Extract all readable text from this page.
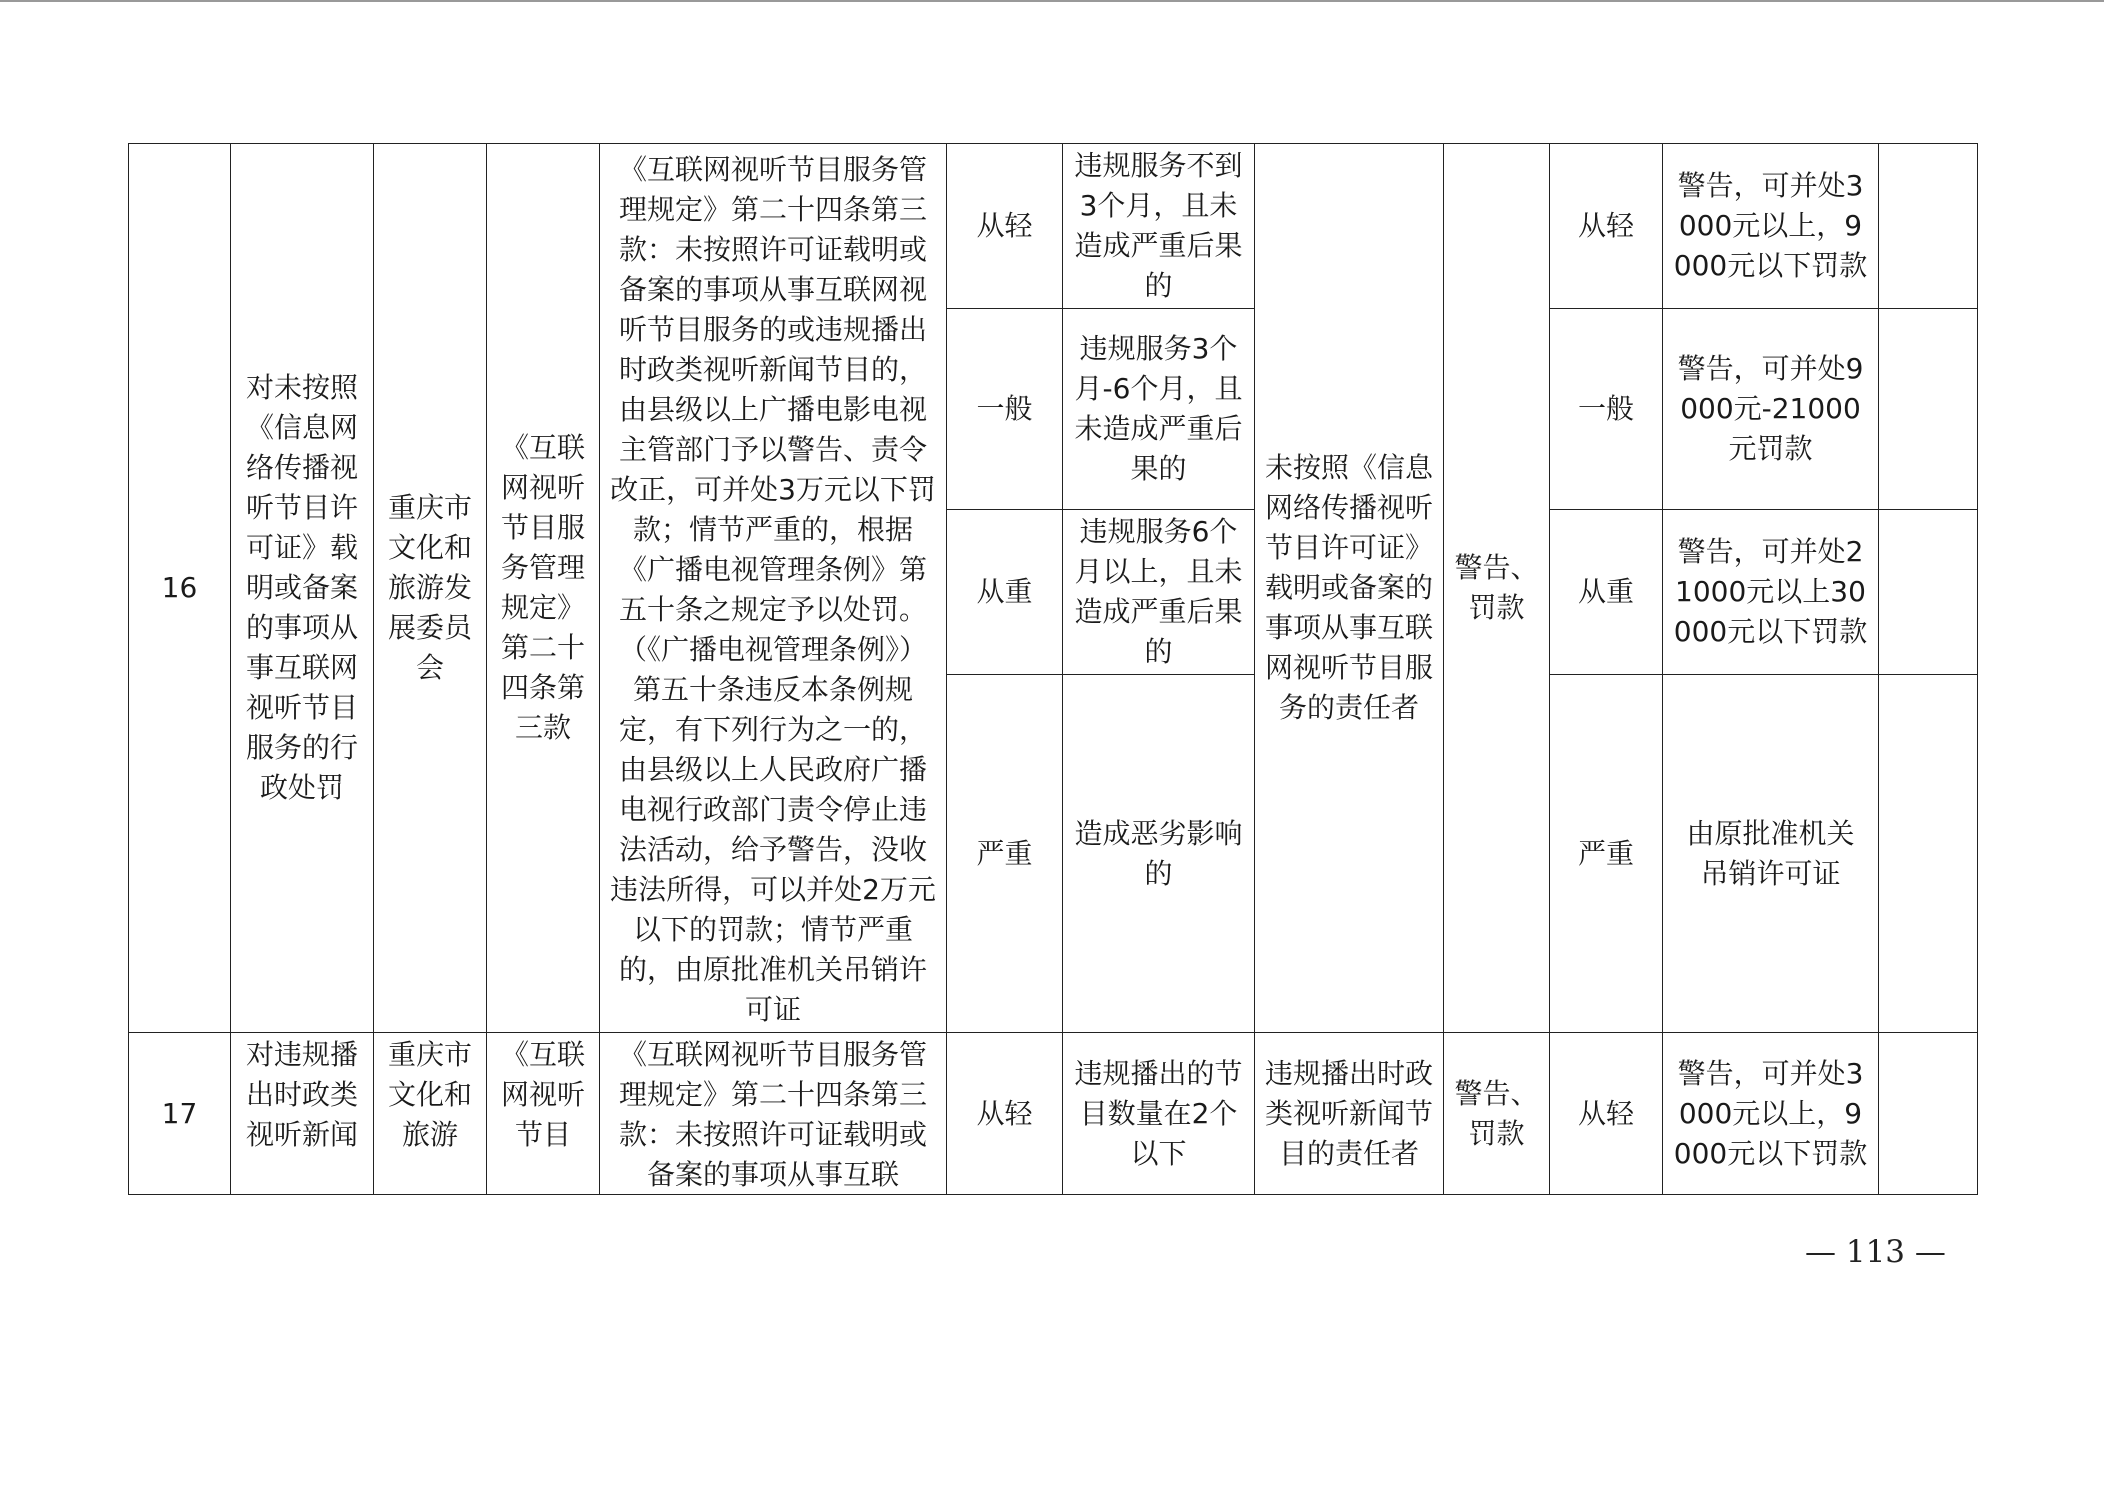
16	对未按照《信息网络传播视听节目许可证》载明或备案的事项从事互联网视听节目服务的行政处罚	重庆市文化和旅游发展委员会	《互联网视听节目服务管理规定》第二十四条第三款	《互联网视听节目服务管理规定》第二十四条第三款：未按照许可证载明或备案的事项从事互联网视听节目服务的或违规播出时政类视听新闻节目的，由县级以上广播电影电视主管部门予以警告、责令改正，可并处3万元以下罚款；情节严重的，根据《广播电视管理条例》第五十条之规定予以处罚。（《广播电视管理条例》）第五十条违反本条例规定，有下列行为之一的，由县级以上人民政府广播电视行政部门责令停止违法活动，给予警告，没收违法所得，可以并处2万元以下的罚款；情节严重的，由原批准机关吊销许可证	从轻	违规服务不到3个月，且未造成严重后果的	未按照《信息网络传播视听节目许可证》载明或备案的事项从事互联网视听节目服务的责任者	警告、罚款	从轻	警告，可并处3000元以上，9000元以下罚款	
					一般	违规服务3个月-6个月，且未造成严重后果的			一般	警告，可并处9000元-21000元罚款	
					从重	违规服务6个月以上，且未造成严重后果的			从重	警告，可并处21000元以上30000元以下罚款	
					严重	造成恶劣影响的			严重	由原批准机关吊销许可证	
17	对违规播出时政类视听新闻	重庆市文化和旅游	《互联网视听节目	《互联网视听节目服务管理规定》第二十四条第三款：未按照许可证载明或备案的事项从事互联	从轻	违规播出的节目数量在2个以下	违规播出时政类视听新闻节目的责任者	警告、罚款	从轻	警告，可并处3000元以上，9000元以下罚款	
— 113 —
